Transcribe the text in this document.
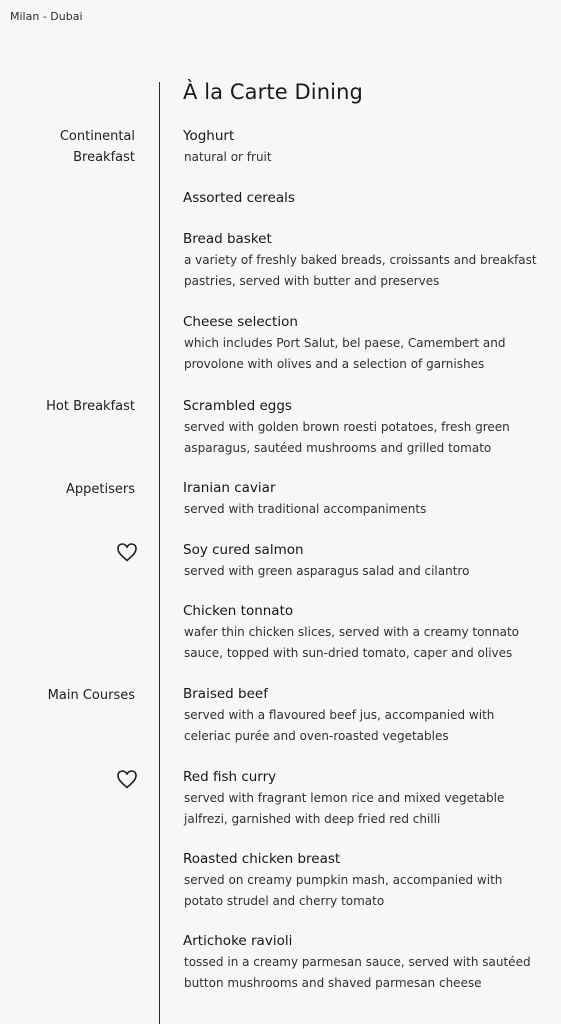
Milan - Dubai
À la Carte Dining
Continental
Breakfast
Hot Breakfast
Appetisers
Main Courses
Yoghurt
natural or fruit
Assorted cereals
Bread basket
a variety of freshly baked breads, croissants and breakfast
pastries, served with butter and preserves
Cheese selection
which includes Port Salut, bel paese, Camembert and
provolone with olives and a selection of garnishes
Scrambled eggs
served with golden brown roesti potatoes, fresh green
asparagus, sautéed mushrooms and grilled tomato
Iranian caviar
served with traditional accompaniments
Soy cured salmon
served with green asparagus salad and cilantro
Chicken tonnato
wafer thin chicken slices, served with a creamy tonnato
sauce, topped with sun-dried tomato, caper and olives
Braised beef
served with a flavoured beef jus, accompanied with
celeriac purée and oven-roasted vegetables
Red fish curry
served with fragrant lemon rice and mixed vegetable
jalfrezi, garnished with deep fried red chilli
Roasted chicken breast
served on creamy pumpkin mash, accompanied with
potato strudel and cherry tomato
Artichoke ravioli
tossed in a creamy parmesan sauce, served with sautéed
button mushrooms and shaved parmesan cheese
